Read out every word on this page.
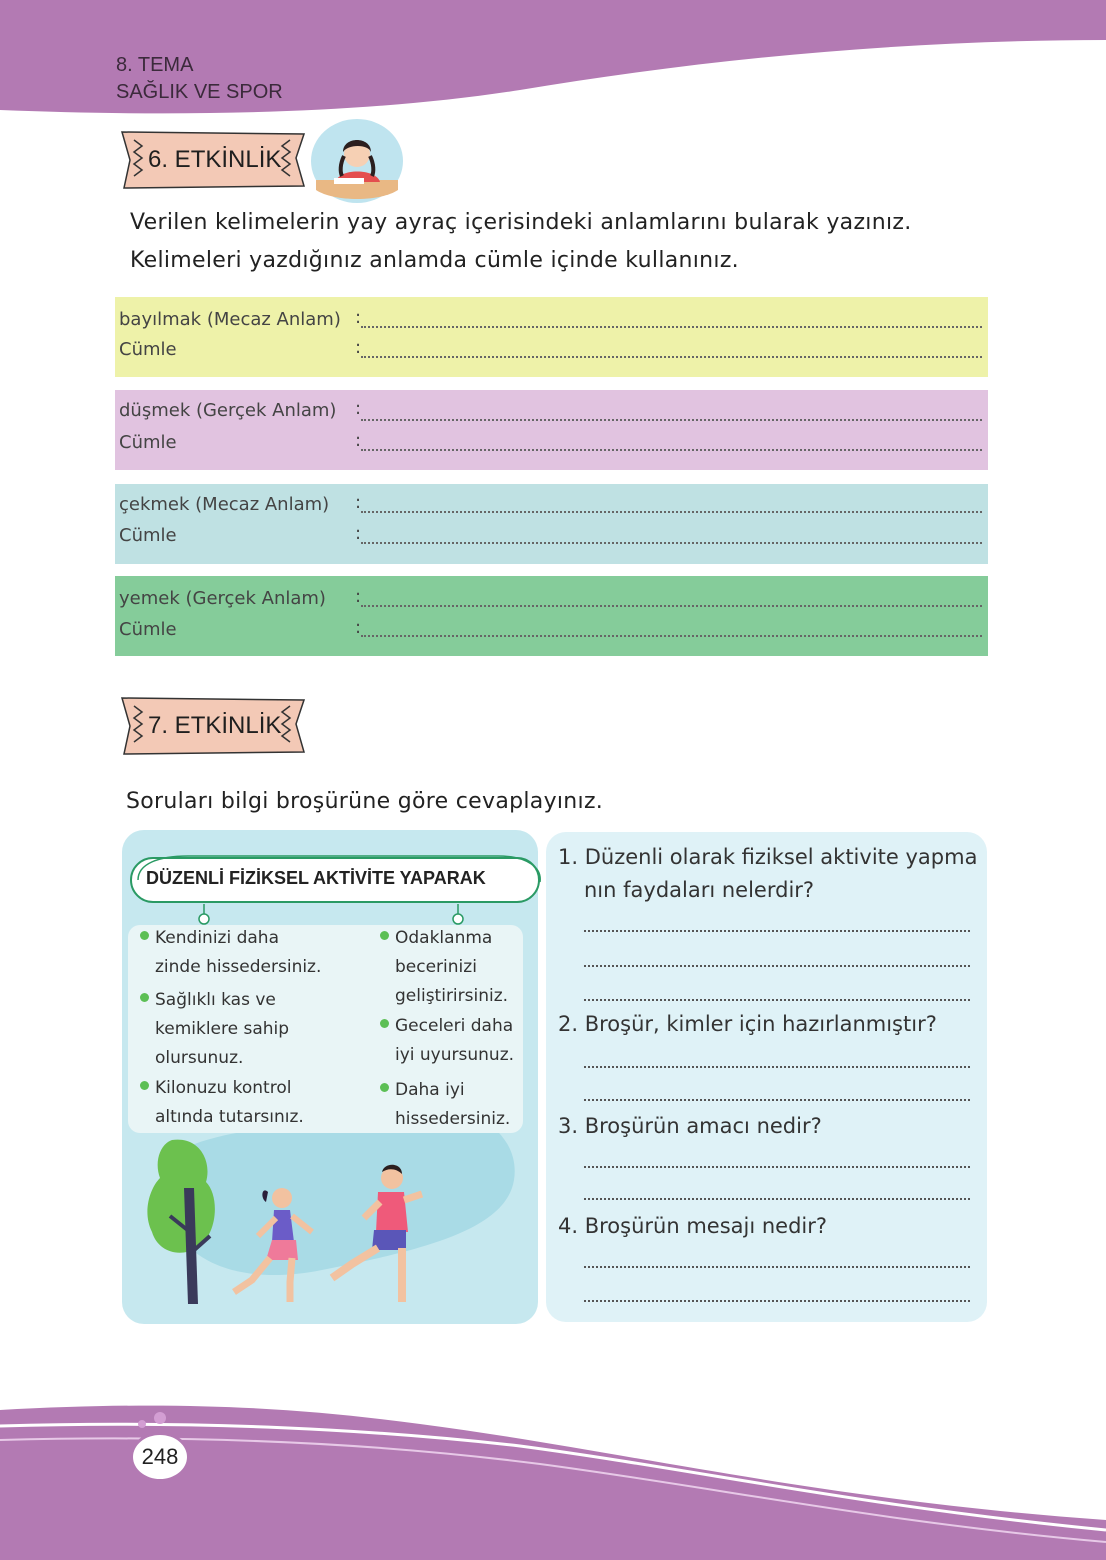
8. TEMA
SAĞLIK VE SPOR
6. ETKİNLİK
Verilen kelimelerin yay ayraç içerisindeki anlamlarını bularak yazınız.
Kelimeleri yazdığınız anlamda cümle içinde kullanınız.
bayılmak (Mecaz Anlam) :
Cümle	:
düşmek (Gerçek Anlam) :
Cümle	:
çekmek (Mecaz Anlam) :
Cümle	:
yemek (Gerçek Anlam) :
Cümle	:
7. ETKİNLİK
Soruları bilgi broşürüne göre cevaplayınız.
DÜZENLİ FİZİKSEL AKTİVİTE YAPARAK
Kendinizi daha
zinde hissedersiniz.
Sağlıklı kas ve
kemiklere sahip
olursunuz.
Kilonuzu kontrol
altında tutarsınız.
Odaklanma
becerinizi
geliştirirsiniz.
Geceleri daha
iyi uyursunuz.
Daha iyi
hissedersiniz.
1. Düzenli olarak fiziksel aktivite yapma
nın faydaları nelerdir?
2. Broşür, kimler için hazırlanmıştır?
3. Broşürün amacı nedir?
4. Broşürün mesajı nedir?
248
